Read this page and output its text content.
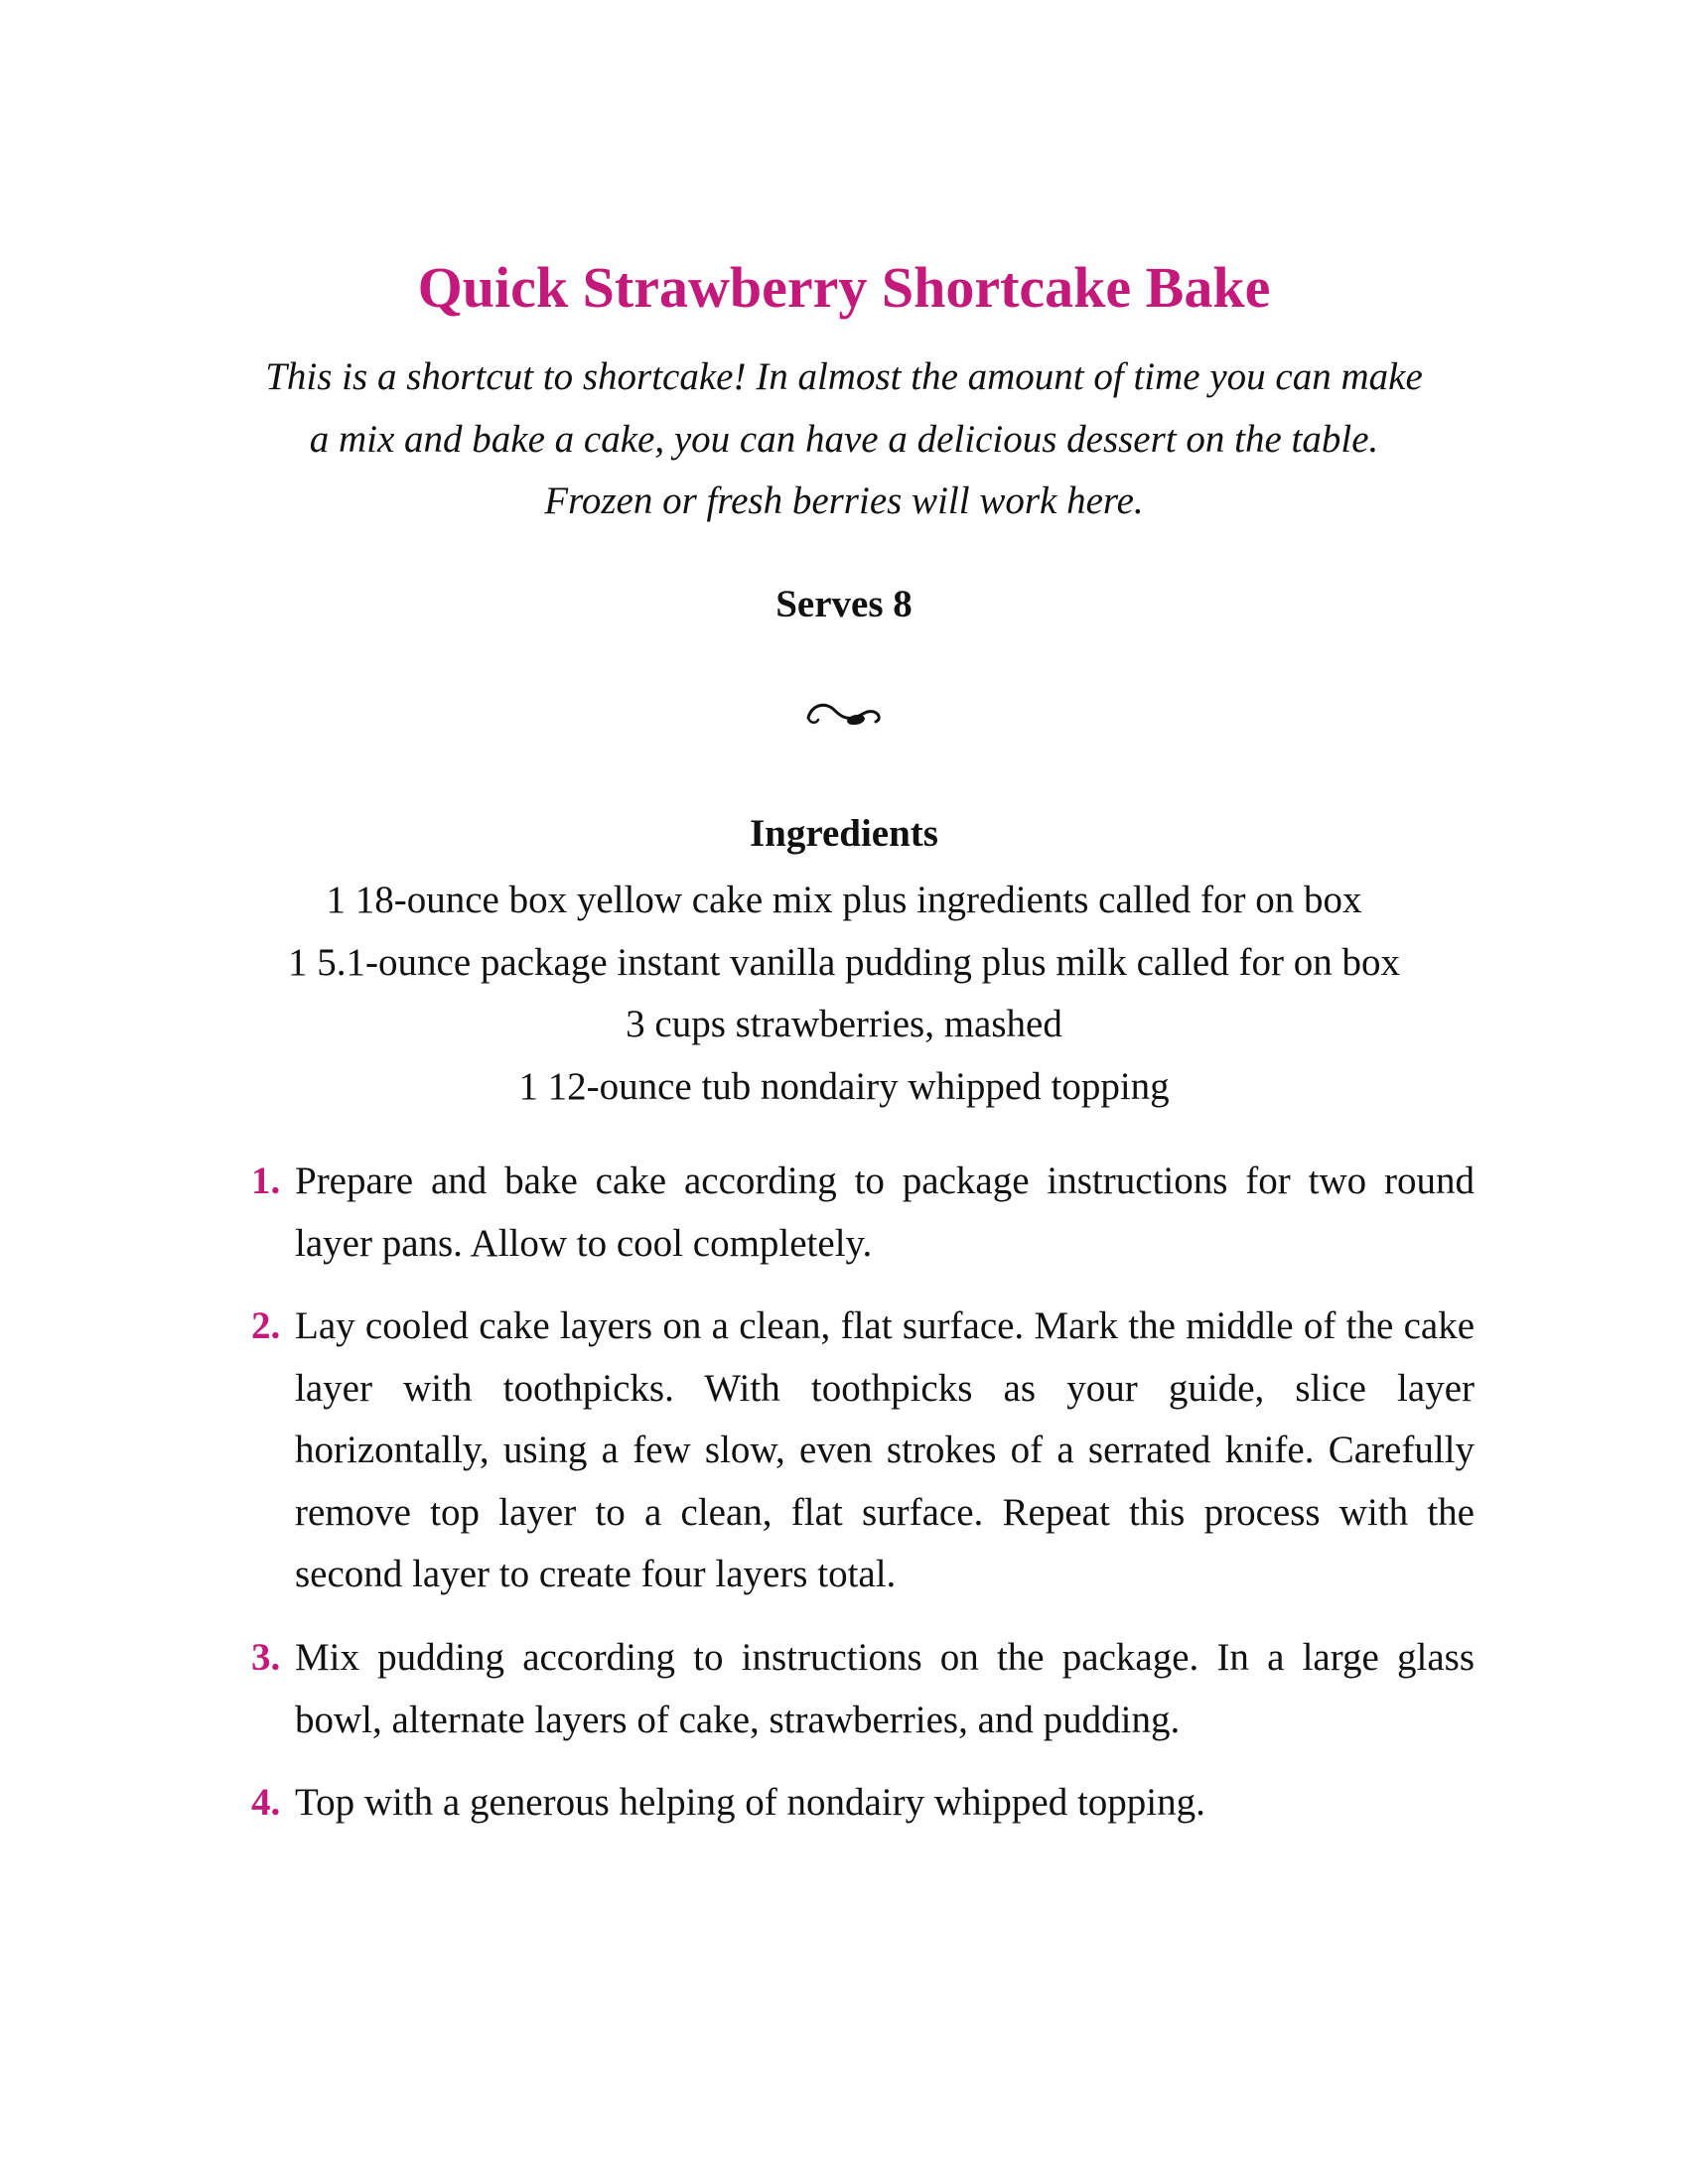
Quick Strawberry Shortcake Bake

This is a shortcut to shortcake! In almost the amount of time you can make
a mix and bake a cake, you can have a delicious dessert on the table.
Frozen or fresh berries will work here.

Serves 8

Ingredients
1 18-ounce box yellow cake mix plus ingredients called for on box
1 5.1-ounce package instant vanilla pudding plus milk called for on box
3 cups strawberries, mashed
1 12-ounce tub nondairy whipped topping
1. Prepare and bake cake according to package instructions for two round layer pans. Allow to cool completely.
2. Lay cooled cake layers on a clean, flat surface. Mark the middle of the cake layer with toothpicks. With toothpicks as your guide, slice layer horizontally, using a few slow, even strokes of a serrated knife. Carefully remove top layer to a clean, flat surface. Repeat this process with the second layer to create four layers total.
3. Mix pudding according to instructions on the package. In a large glass bowl, alternate layers of cake, strawberries, and pudding.
4. Top with a generous helping of nondairy whipped topping.
